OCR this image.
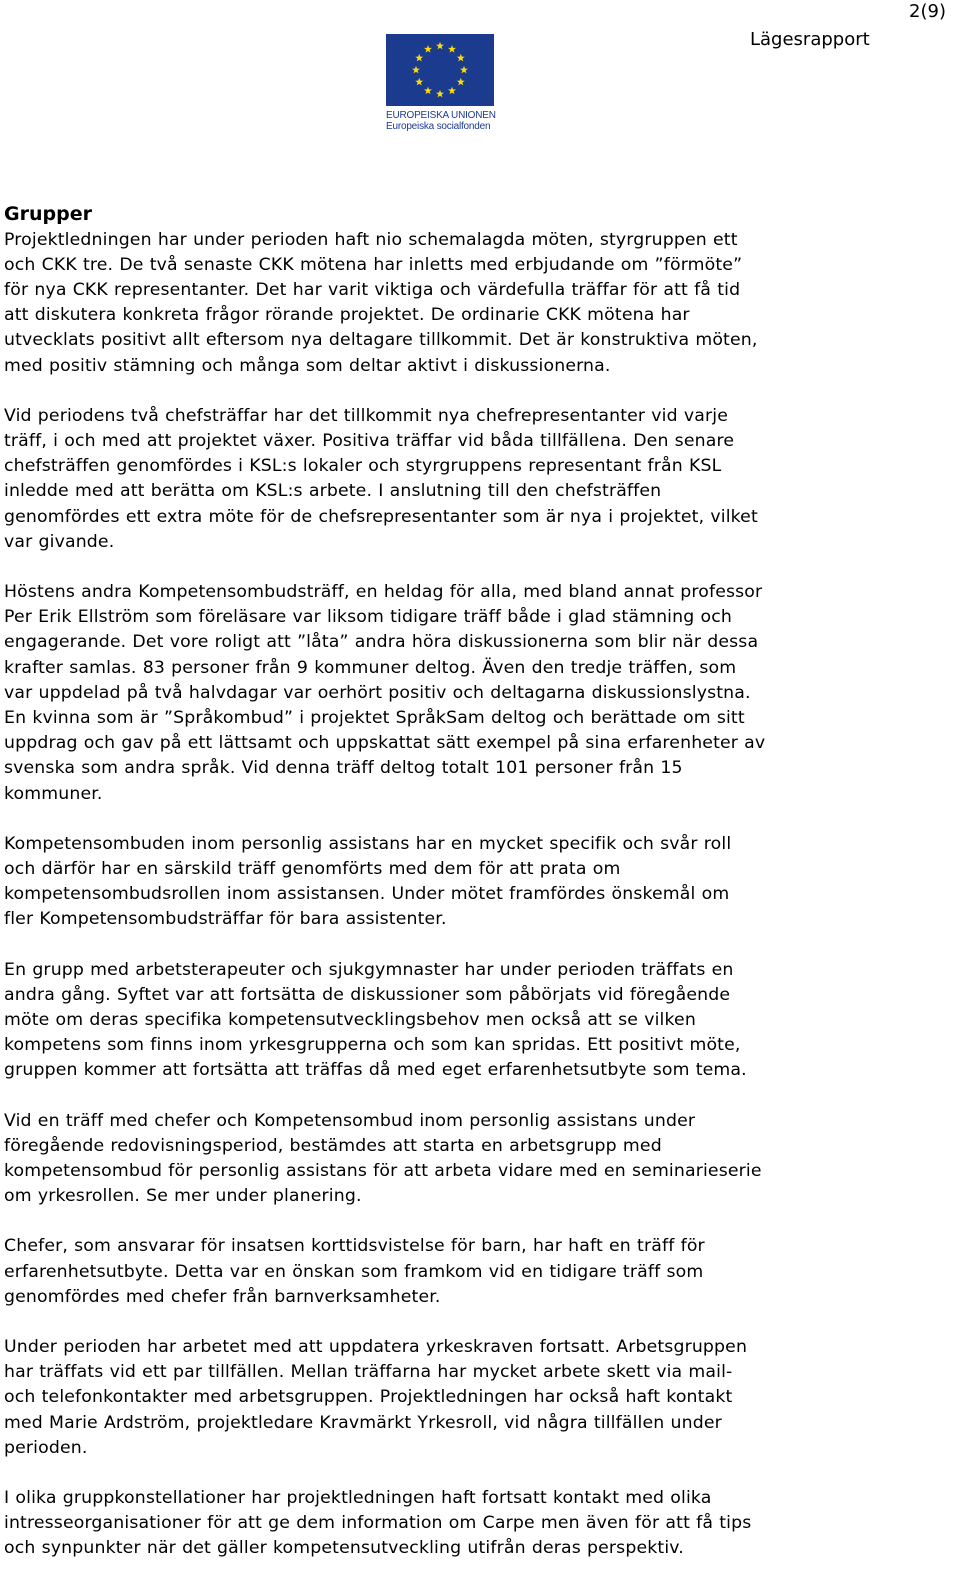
2(9)
Lägesrapport
EUROPEISKA UNIONEN
Europeiska socialfonden
Grupper

Projektledningen har under perioden haft nio schemalagda möten, styrgruppen ett
och CKK tre. De två senaste CKK mötena har inletts med erbjudande om ”förmöte”
för nya CKK representanter. Det har varit viktiga och värdefulla träffar för att få tid
att diskutera konkreta frågor rörande projektet. De ordinarie CKK mötena har
utvecklats positivt allt eftersom nya deltagare tillkommit. Det är konstruktiva möten,
med positiv stämning och många som deltar aktivt i diskussionerna.

Vid periodens två chefsträffar har det tillkommit nya chefrepresentanter vid varje
träff, i och med att projektet växer. Positiva träffar vid båda tillfällena. Den senare
chefsträffen genomfördes i KSL:s lokaler och styrgruppens representant från KSL
inledde med att berätta om KSL:s arbete. I anslutning till den chefsträffen
genomfördes ett extra möte för de chefsrepresentanter som är nya i projektet, vilket
var givande.

Höstens andra Kompetensombudsträff, en heldag för alla, med bland annat professor
Per Erik Ellström som föreläsare var liksom tidigare träff både i glad stämning och
engagerande. Det vore roligt att ”låta” andra höra diskussionerna som blir när dessa
krafter samlas. 83 personer från 9 kommuner deltog. Även den tredje träffen, som
var uppdelad på två halvdagar var oerhört positiv och deltagarna diskussionslystna.
En kvinna som är ”Språkombud” i projektet SpråkSam deltog och berättade om sitt
uppdrag och gav på ett lättsamt och uppskattat sätt exempel på sina erfarenheter av
svenska som andra språk. Vid denna träff deltog totalt 101 personer från 15
kommuner.

Kompetensombuden inom personlig assistans har en mycket specifik och svår roll
och därför har en särskild träff genomförts med dem för att prata om
kompetensombudsrollen inom assistansen. Under mötet framfördes önskemål om
fler Kompetensombudsträffar för bara assistenter.

En grupp med arbetsterapeuter och sjukgymnaster har under perioden träffats en
andra gång. Syftet var att fortsätta de diskussioner som påbörjats vid föregående
möte om deras specifika kompetensutvecklingsbehov men också att se vilken
kompetens som finns inom yrkesgrupperna och som kan spridas. Ett positivt möte,
gruppen kommer att fortsätta att träffas då med eget erfarenhetsutbyte som tema.

Vid en träff med chefer och Kompetensombud inom personlig assistans under
föregående redovisningsperiod, bestämdes att starta en arbetsgrupp med
kompetensombud för personlig assistans för att arbeta vidare med en seminarieserie
om yrkesrollen. Se mer under planering.

Chefer, som ansvarar för insatsen korttidsvistelse för barn, har haft en träff för
erfarenhetsutbyte. Detta var en önskan som framkom vid en tidigare träff som
genomfördes med chefer från barnverksamheter.

Under perioden har arbetet med att uppdatera yrkeskraven fortsatt. Arbetsgruppen
har träffats vid ett par tillfällen. Mellan träffarna har mycket arbete skett via mail-
och telefonkontakter med arbetsgruppen. Projektledningen har också haft kontakt
med Marie Ardström, projektledare Kravmärkt Yrkesroll, vid några tillfällen under
perioden.

I olika gruppkonstellationer har projektledningen haft fortsatt kontakt med olika
intresseorganisationer för att ge dem information om Carpe men även för att få tips
och synpunkter när det gäller kompetensutveckling utifrån deras perspektiv.
